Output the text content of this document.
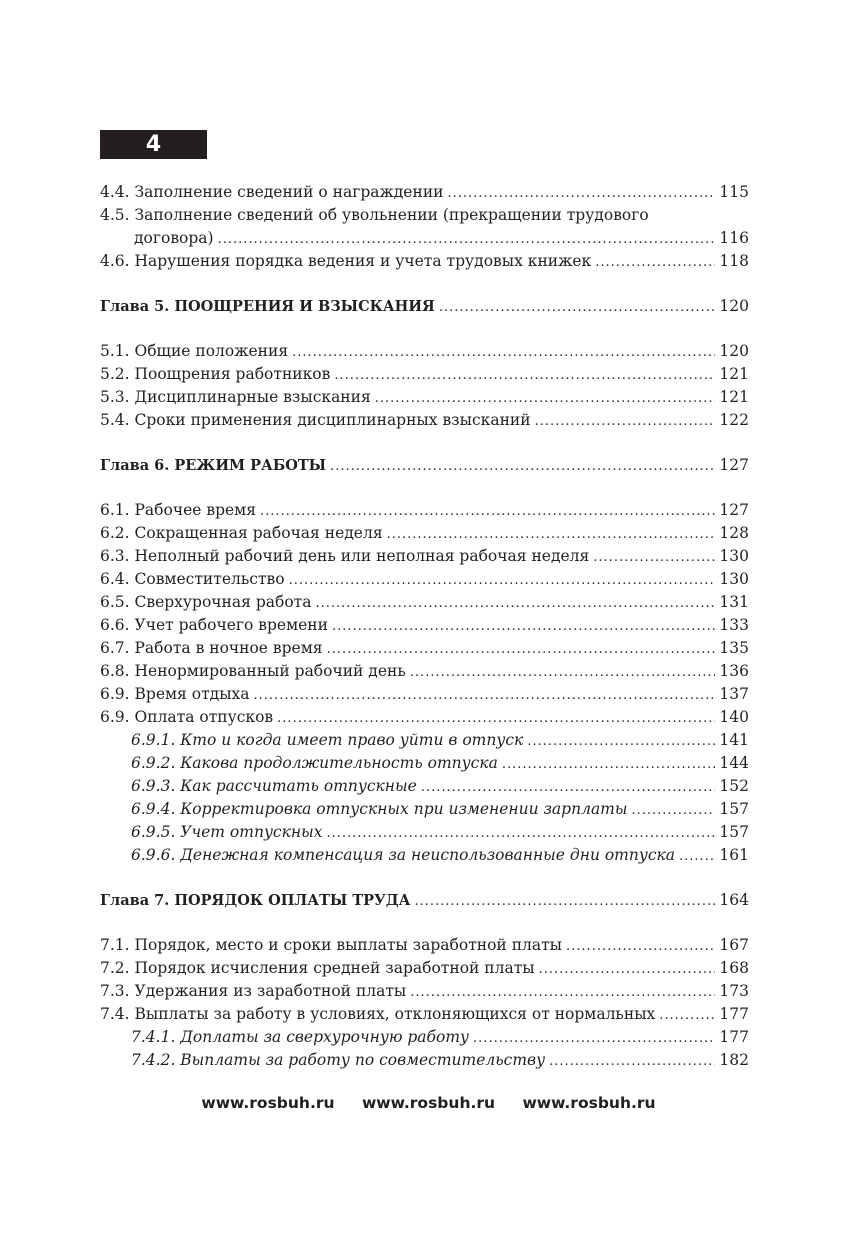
4
4.4. Заполнение сведений о награждении .....	115
4.5. Заполнение сведений об увольнении (прекращении трудового
договора) .....	116
4.6. Нарушения порядка ведения и учета трудовых книжек .....	118
Глава 5. ПООЩРЕНИЯ И ВЗЫСКАНИЯ .....	120
5.1. Общие положения .....	120
5.2. Поощрения работников .....	121
5.3. Дисциплинарные взыскания .....	121
5.4. Сроки применения дисциплинарных взысканий .....	122
Глава 6. РЕЖИМ РАБОТЫ .....	127
6.1. Рабочее время .....	127
6.2. Сокращенная рабочая неделя .....	128
6.3. Неполный рабочий день или неполная рабочая неделя .....	130
6.4. Совместительство .....	130
6.5. Сверхурочная работа .....	131
6.6. Учет рабочего времени .....	133
6.7. Работа в ночное время .....	135
6.8. Ненормированный рабочий день .....	136
6.9. Время отдыха .....	137
6.9. Оплата отпусков .....	140
6.9.1. Кто и когда имеет право уйти в отпуск .....	141
6.9.2. Какова продолжительность отпуска .....	144
6.9.3. Как рассчитать отпускные .....	152
6.9.4. Корректировка отпускных при изменении зарплаты .....	157
6.9.5. Учет отпускных .....	157
6.9.6. Денежная компенсация за неиспользованные дни отпуска .....	161
Глава 7. ПОРЯДОК ОПЛАТЫ ТРУДА .....	164
7.1. Порядок, место и сроки выплаты заработной платы .....	167
7.2. Порядок исчисления средней заработной платы .....	168
7.3. Удержания из заработной платы .....	173
7.4. Выплаты за работу в условиях, отклоняющихся от нормальных .....	177
7.4.1. Доплаты за сверхурочную работу .....	177
7.4.2. Выплаты за работу по совместительству .....	182
www.rosbuh.ru www.rosbuh.ru www.rosbuh.ru
